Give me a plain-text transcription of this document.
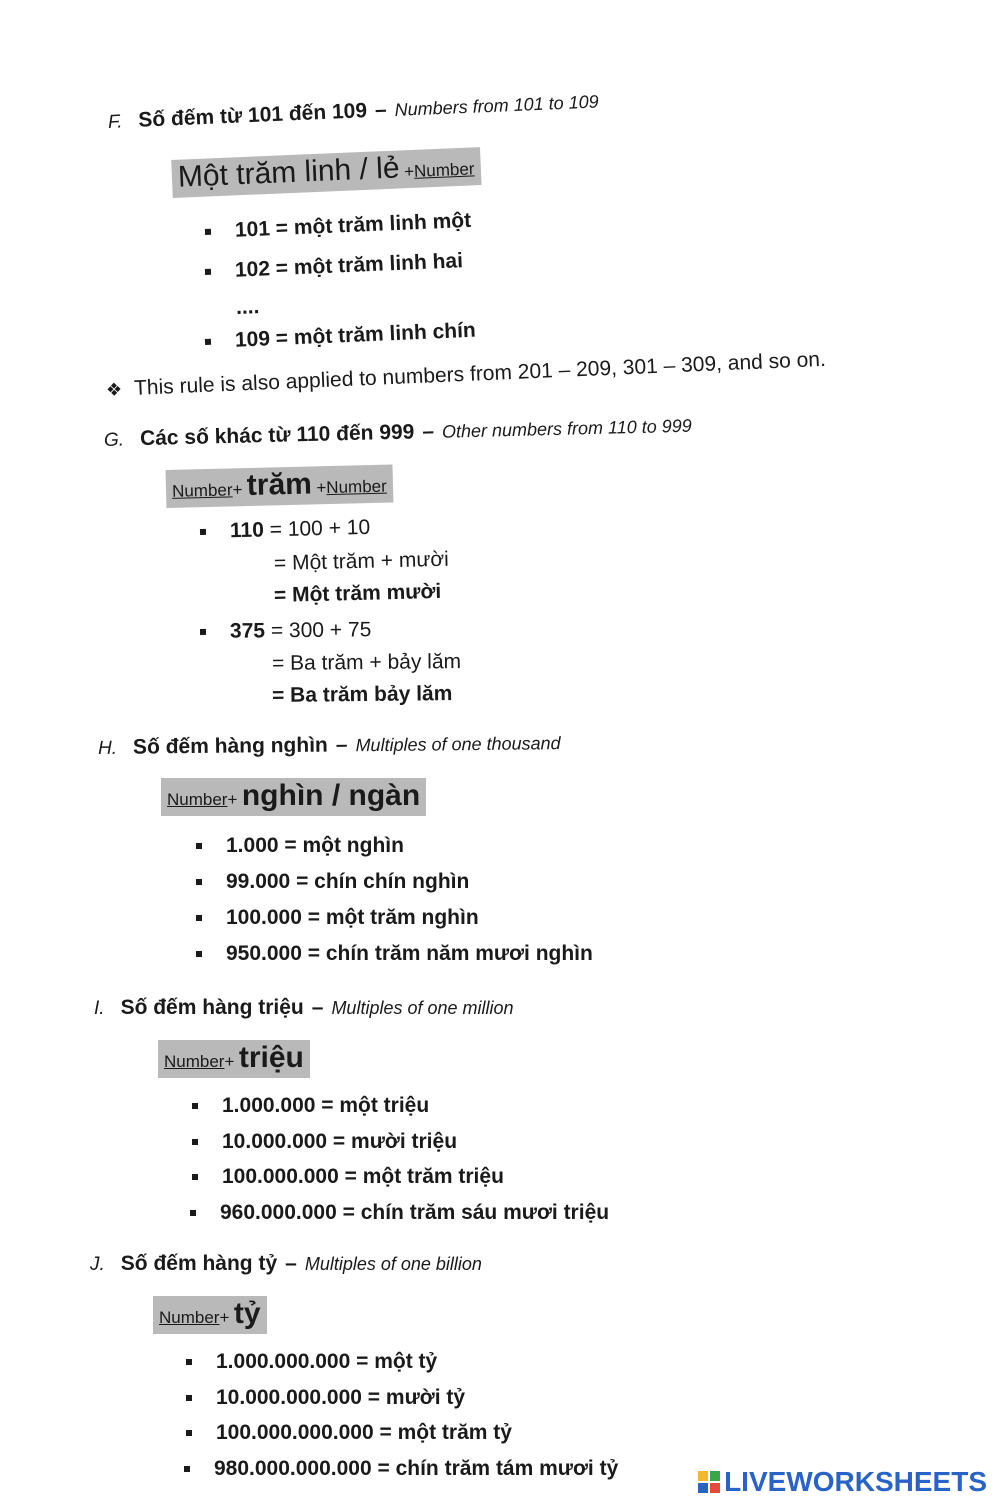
F. Số đếm từ 101 đến 109 – Numbers from 101 to 109
Một trăm linh / lẻ +Number
101 = một trăm linh một
102 = một trăm linh hai
....
109 = một trăm linh chín
❖ This rule is also applied to numbers from 201 – 209, 301 – 309, and so on.
G. Các số khác từ 110 đến 999 – Other numbers from 110 to 999
Number+ trăm +Number
110 = 100 + 10
= Một trăm + mười
= Một trăm mười
375 = 300 + 75
= Ba trăm + bảy lăm
= Ba trăm bảy lăm
H. Số đếm hàng nghìn – Multiples of one thousand
Number+ nghìn / ngàn
1.000 = một nghìn
99.000 = chín chín nghìn
100.000 = một trăm nghìn
950.000 = chín trăm năm mươi nghìn
I. Số đếm hàng triệu – Multiples of one million
Number+ triệu
1.000.000 = một triệu
10.000.000 = mười triệu
100.000.000 = một trăm triệu
960.000.000 = chín trăm sáu mươi triệu
J. Số đếm hàng tỷ – Multiples of one billion
Number+ tỷ
1.000.000.000 = một tỷ
10.000.000.000 = mười tỷ
100.000.000.000 = một trăm tỷ
980.000.000.000 = chín trăm tám mươi tỷ	LIVEWORKSHEETS
